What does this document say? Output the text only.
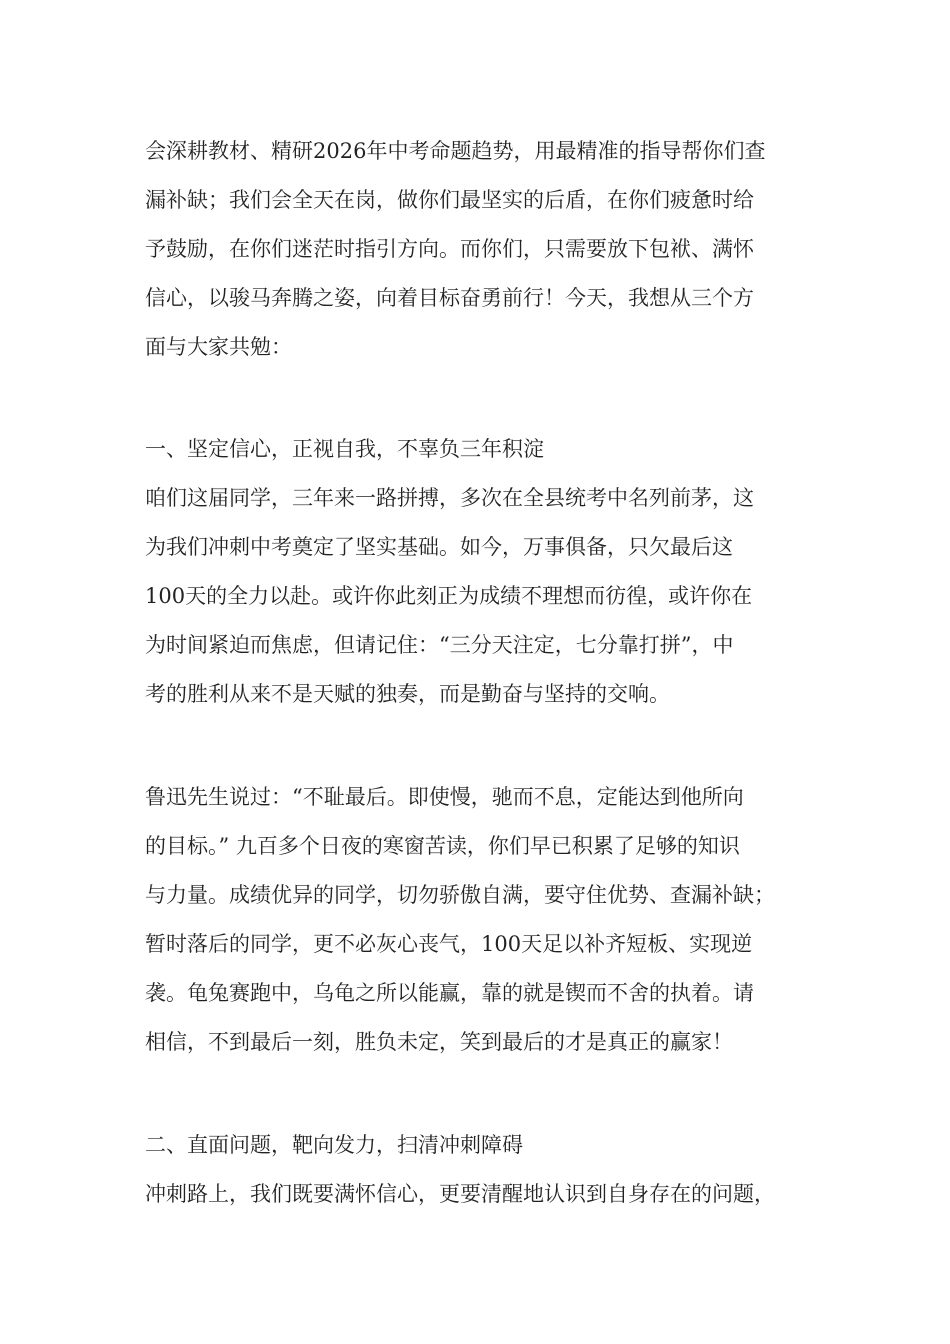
会深耕教材、精研2026年中考命题趋势，用最精准的指导帮你们查
漏补缺；我们会全天在岗，做你们最坚实的后盾，在你们疲惫时给
予鼓励，在你们迷茫时指引方向。而你们，只需要放下包袱、满怀
信心，以骏马奔腾之姿，向着目标奋勇前行！今天，我想从三个方
面与大家共勉：
一、坚定信心，正视自我，不辜负三年积淀
咱们这届同学，三年来一路拼搏，多次在全县统考中名列前茅，这
为我们冲刺中考奠定了坚实基础。如今，万事俱备，只欠最后这
100天的全力以赴。或许你此刻正为成绩不理想而彷徨，或许你在
为时间紧迫而焦虑，但请记住：“三分天注定，七分靠打拼”，中
考的胜利从来不是天赋的独奏，而是勤奋与坚持的交响。
鲁迅先生说过：“不耻最后。即使慢，驰而不息，定能达到他所向
的目标。” 九百多个日夜的寒窗苦读，你们早已积累了足够的知识
与力量。成绩优异的同学，切勿骄傲自满，要守住优势、查漏补缺；
暂时落后的同学，更不必灰心丧气，100天足以补齐短板、实现逆
袭。龟兔赛跑中，乌龟之所以能赢，靠的就是锲而不舍的执着。请
相信，不到最后一刻，胜负未定，笑到最后的才是真正的赢家！
二、直面问题，靶向发力，扫清冲刺障碍
冲刺路上，我们既要满怀信心，更要清醒地认识到自身存在的问题，
